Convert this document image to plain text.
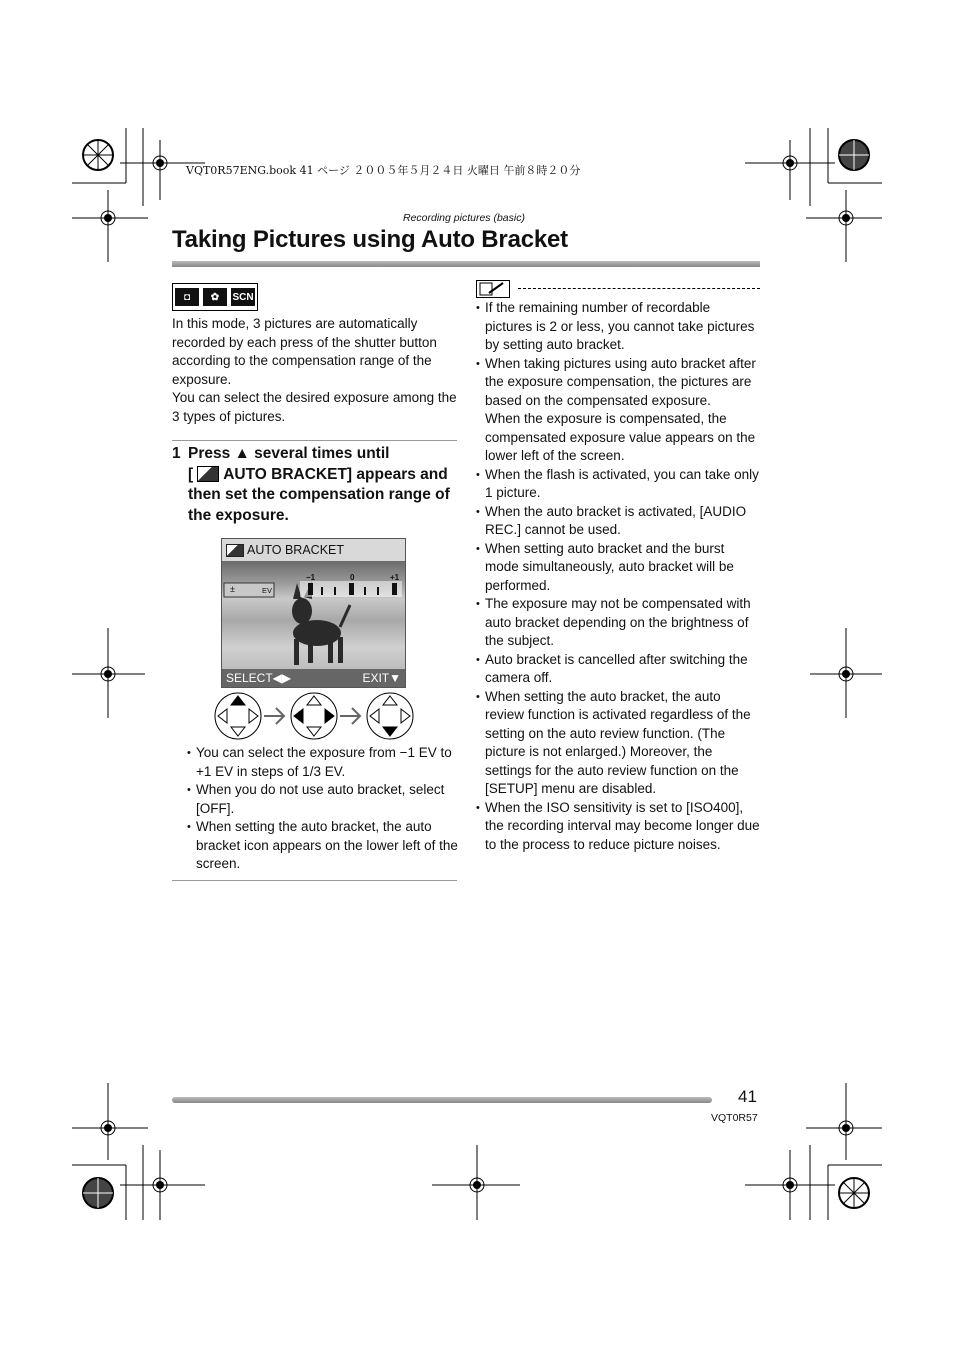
VQT0R57ENG.book 41 ページ ２００５年５月２４日 火曜日 午前８時２０分
Recording pictures (basic)
Taking Pictures using Auto Bracket
◘	✿	SCN
In this mode, 3 pictures are automatically recorded by each press of the shutter button according to the compensation range of the exposure.
You can select the desired exposure among the 3 types of pictures.
1 Press ▲ several times until
[  AUTO BRACKET] appears and then set the compensation range of the exposure.
AUTO BRACKET
±	EV
−1	0	+1
SELECT◀▶	EXIT▼
• You can select the exposure from −1 EV to +1 EV in steps of 1/3 EV.
• When you do not use auto bracket, select [OFF].
• When setting the auto bracket, the auto bracket icon appears on the lower left of the screen.
• If the remaining number of recordable pictures is 2 or less, you cannot take pictures by setting auto bracket.
• When taking pictures using auto bracket after the exposure compensation, the pictures are based on the compensated exposure.
When the exposure is compensated, the compensated exposure value appears on the lower left of the screen.
• When the flash is activated, you can take only 1 picture.
• When the auto bracket is activated, [AUDIO REC.] cannot be used.
• When setting auto bracket and the burst mode simultaneously, auto bracket will be performed.
• The exposure may not be compensated with auto bracket depending on the brightness of the subject.
• Auto bracket is cancelled after switching the camera off.
• When setting the auto bracket, the auto review function is activated regardless of the setting on the auto review function. (The picture is not enlarged.) Moreover, the settings for the auto review function on the [SETUP] menu are disabled.
• When the ISO sensitivity is set to [ISO400], the recording interval may become longer due to the process to reduce picture noises.
41
VQT0R57
